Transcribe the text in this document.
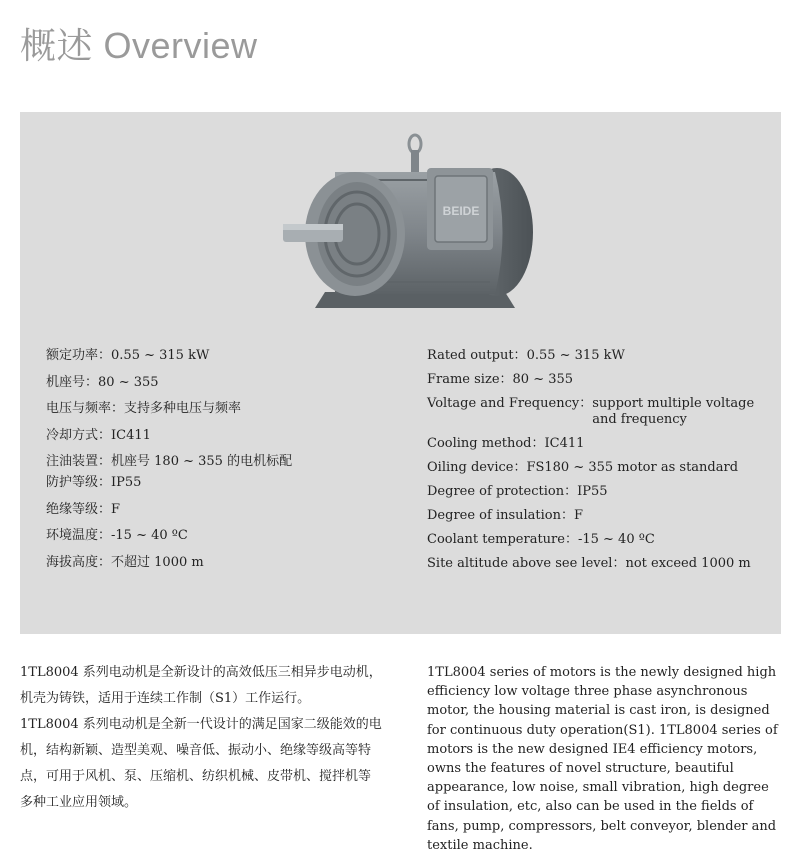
概述 Overview
BEIDE
额定功率： 0.55 ~ 315 kW
机座号： 80 ~ 355
电压与频率： 支持多种电压与频率
冷却方式： IC411
注油装置： 机座号 180 ~ 355 的电机标配
防护等级： IP55
绝缘等级： F
环境温度： -15 ~ 40 ºC
海拔高度： 不超过 1000 m
Rated output： 0.55 ~ 315 kW
Frame size： 80 ~ 355
Voltage and Frequency： support multiple voltage and frequency
Cooling method： IC411
Oiling device： FS180 ~ 355 motor as standard
Degree of protection： IP55
Degree of insulation： F
Coolant temperature： -15 ~ 40 ºC
Site altitude above see level： not exceed 1000 m

1TL8004 系列电动机是全新设计的高效低压三相异步电动机，机壳为铸铁，适用于连续工作制（S1）工作运行。

1TL8004 系列电动机是全新一代设计的满足国家二级能效的电机，结构新颖、造型美观、噪音低、振动小、绝缘等级高等特点，可用于风机、泵、压缩机、纺织机械、皮带机、搅拌机等多种工业应用领域。

1TL8004 series of motors is the newly designed high efficiency low voltage three phase asynchronous motor, the housing material is cast iron, is designed for continuous duty operation(S1). 1TL8004 series of motors is the new designed IE4 efficiency motors, owns the features of novel structure, beautiful appearance, low noise, small vibration, high degree of insulation, etc, also can be used in the fields of fans, pump, compressors, belt conveyor, blender and textile machine.
